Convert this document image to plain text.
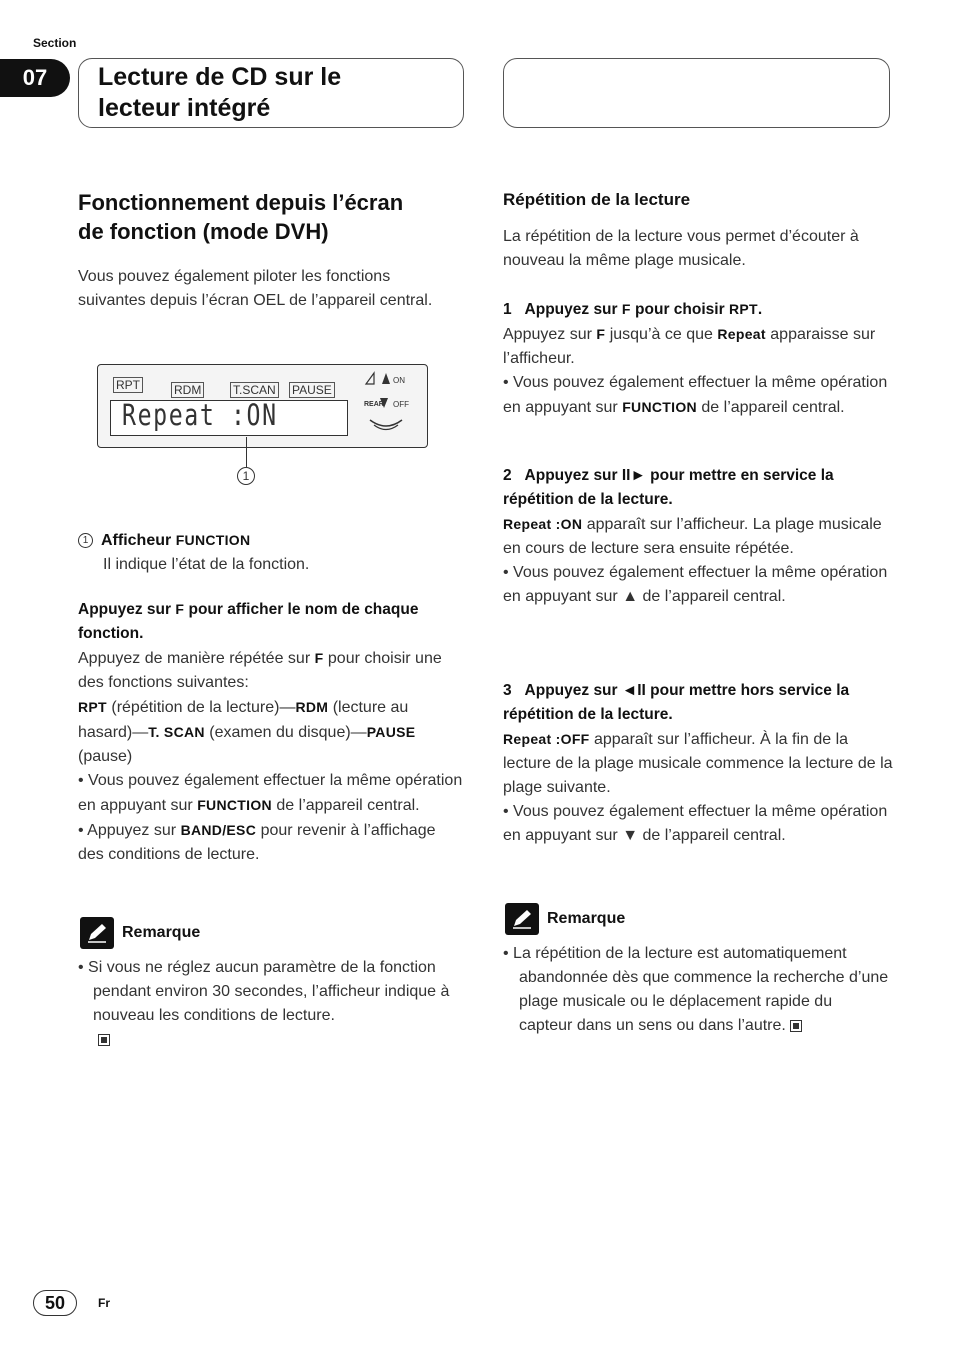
Section
07	Lecture de CD sur le
lecteur intégré
Fonctionnement depuis l’écran
de fonction (mode DVH)

Vous pouvez également piloter les fonctions suivantes depuis l’écran OEL de l’appareil central.

RPT	RDM	T.SCAN PAUSE
Repeat :ON
ON
REAR OFF
1

1 Afficheur FUNCTION

Il indique l’état de la fonction.

Appuyez sur F pour afficher le nom de chaque fonction.

Appuyez de manière répétée sur F pour choisir une des fonctions suivantes:

RPT (répétition de la lecture)—RDM (lecture au hasard)—T. SCAN (examen du disque)—PAUSE (pause)

• Vous pouvez également effectuer la même opération en appuyant sur FUNCTION de l’appareil central.

• Appuyez sur BAND/ESC pour revenir à l’affichage des conditions de lecture.

Remarque

• Si vous ne réglez aucun paramètre de la fonction pendant environ 30 secondes, l’afficheur indique à nouveau les conditions de lecture.

Répétition de la lecture

La répétition de la lecture vous permet d’écouter à nouveau la même plage musicale.

1 Appuyez sur F pour choisir RPT.

Appuyez sur F jusqu’à ce que Repeat apparaisse sur l’afficheur.

• Vous pouvez également effectuer la même opération en appuyant sur FUNCTION de l’appareil central.

2 Appuyez sur II► pour mettre en service la répétition de la lecture.

Repeat :ON apparaît sur l’afficheur. La plage musicale en cours de lecture sera ensuite répétée.

• Vous pouvez également effectuer la même opération en appuyant sur ▲ de l’appareil central.

3 Appuyez sur ◄II pour mettre hors service la répétition de la lecture.

Repeat :OFF apparaît sur l’afficheur. À la fin de la lecture de la plage musicale commence la lecture de la plage suivante.

• Vous pouvez également effectuer la même opération en appuyant sur ▼ de l’appareil central.

Remarque

• La répétition de la lecture est automatiquement abandonnée dès que commence la recherche d’une plage musicale ou le déplacement rapide du capteur dans un sens ou dans l’autre.

50	Fr
